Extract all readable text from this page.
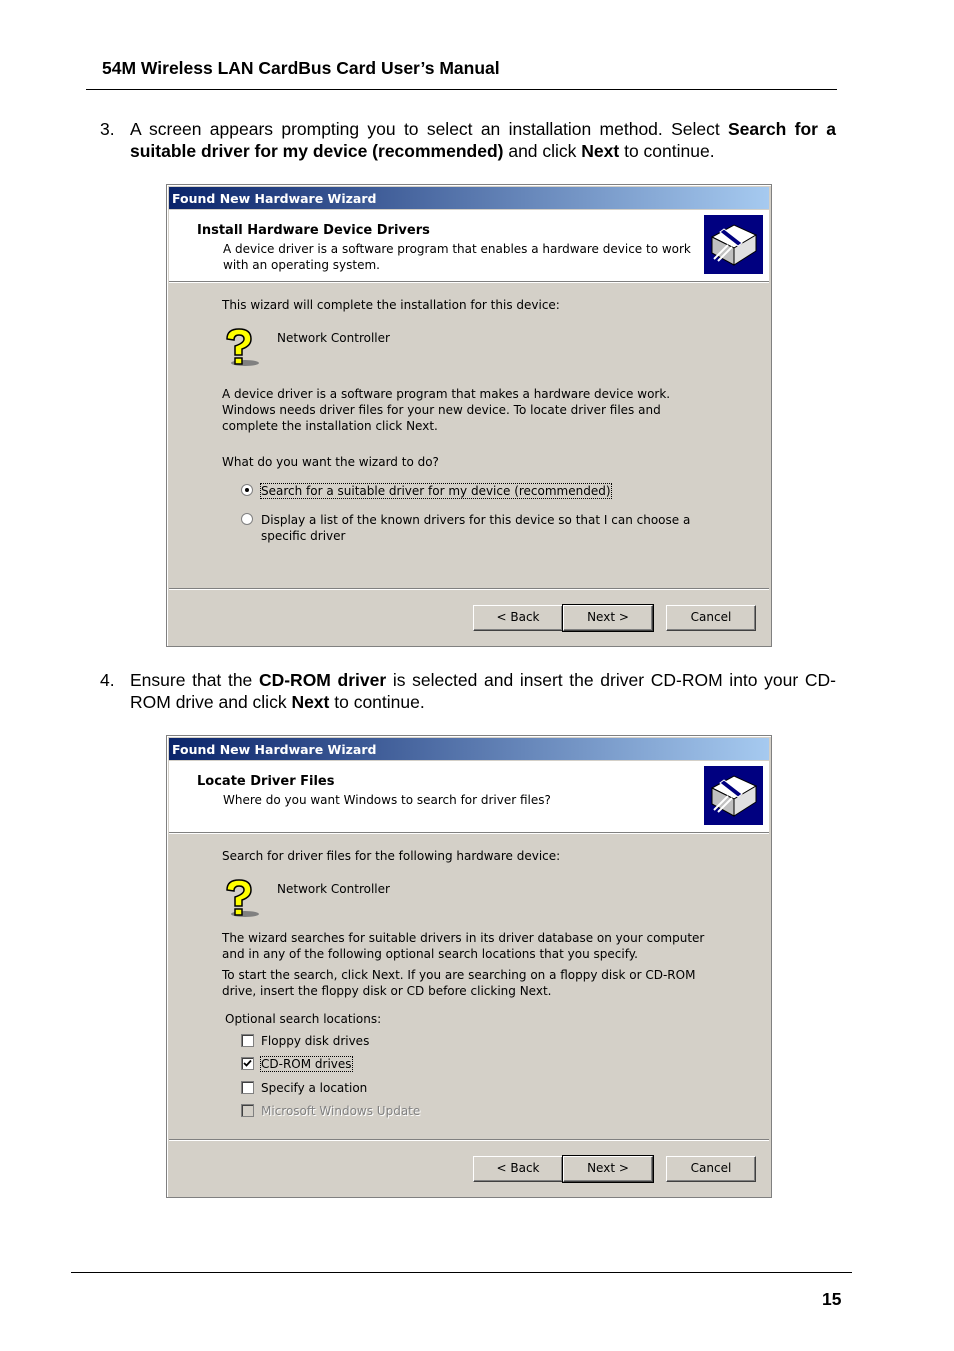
54M Wireless LAN CardBus Card User’s Manual
3. A screen appears prompting you to select an installation method. Select Search for a suitable driver for my device (recommended) and click Next to continue.
Found New Hardware Wizard
Install Hardware Device Drivers
A device driver is a software program that enables a hardware device to work with an operating system.
This wizard will complete the installation for this device:
Network Controller
A device driver is a software program that makes a hardware device work. Windows needs driver files for your new device. To locate driver files and complete the installation click Next.
What do you want the wizard to do?
Search for a suitable driver for my device (recommended)
Display a list of the known drivers for this device so that I can choose a specific driver
< Back	Next >	Cancel
4. Ensure that the CD-ROM driver is selected and insert the driver CD-ROM into your CD-ROM drive and click Next to continue.
Found New Hardware Wizard
Locate Driver Files
Where do you want Windows to search for driver files?
Search for driver files for the following hardware device:
Network Controller
The wizard searches for suitable drivers in its driver database on your computer and in any of the following optional search locations that you specify.
To start the search, click Next. If you are searching on a floppy disk or CD-ROM drive, insert the floppy disk or CD before clicking Next.
Optional search locations:
Floppy disk drives
CD-ROM drives
Specify a location
Microsoft Windows Update
< Back	Next >	Cancel
15
